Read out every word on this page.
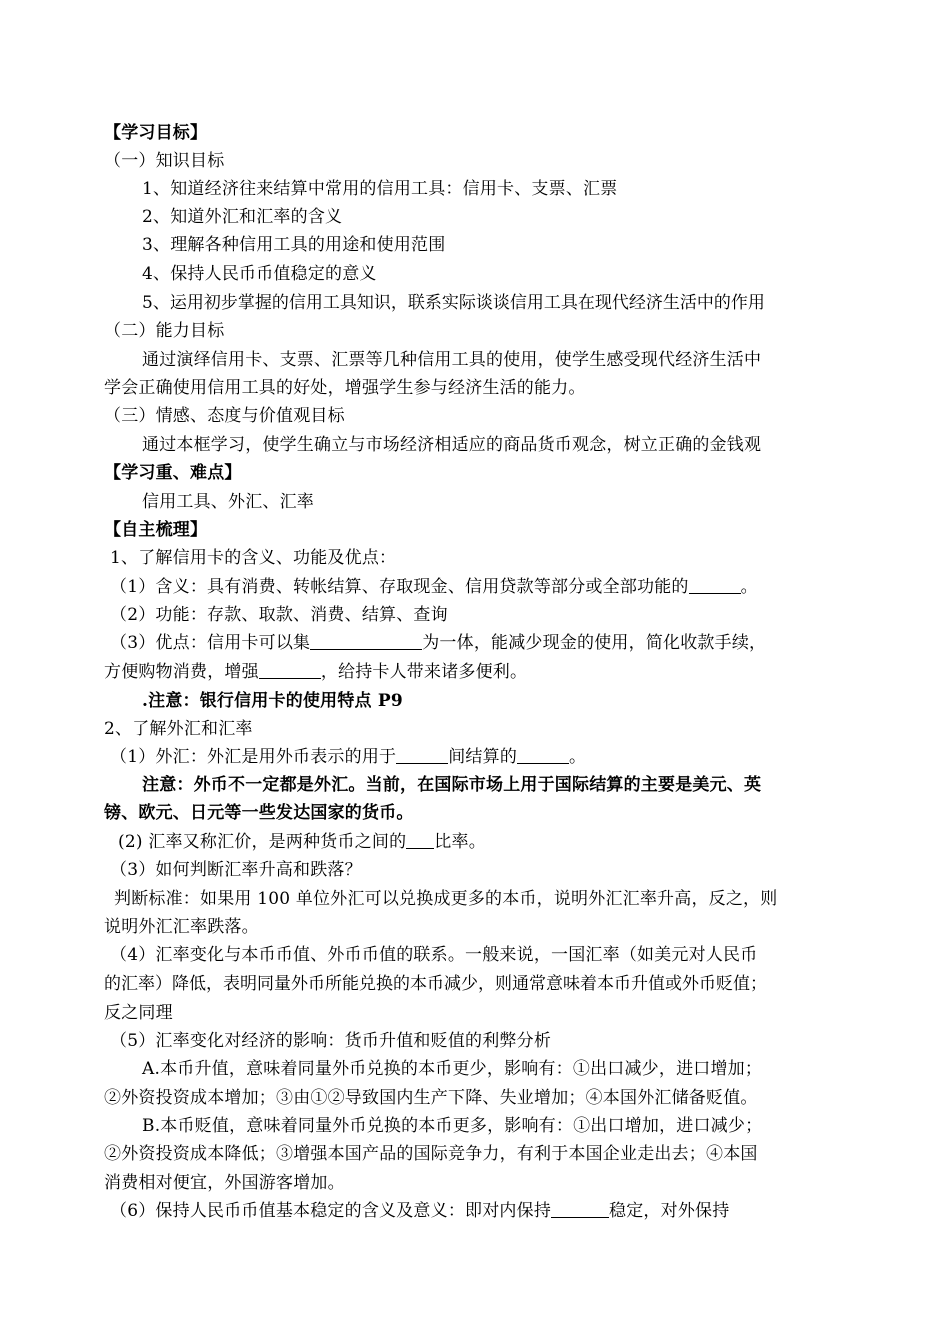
【学习目标】
（一）知识目标
1、知道经济往来结算中常用的信用工具：信用卡、支票、汇票
2、知道外汇和汇率的含义
3、理解各种信用工具的用途和使用范围
4、保持人民币币值稳定的意义
5、运用初步掌握的信用工具知识，联系实际谈谈信用工具在现代经济生活中的作用
（二）能力目标
通过演绎信用卡、支票、汇票等几种信用工具的使用，使学生感受现代经济生活中
学会正确使用信用工具的好处，增强学生参与经济生活的能力。
（三）情感、态度与价值观目标
通过本框学习，使学生确立与市场经济相适应的商品货币观念，树立正确的金钱观
【学习重、难点】
信用工具、外汇、汇率
【自主梳理】
1、了解信用卡的含义、功能及优点：
（1）含义：具有消费、转帐结算、存取现金、信用贷款等部分或全部功能的	。
（2）功能：存款、取款、消费、结算、查询
（3）优点：信用卡可以集	为一体，能减少现金的使用，简化收款手续，
方便购物消费，增强	，给持卡人带来诸多便利。
.注意：银行信用卡的使用特点 P9
2、了解外汇和汇率
（1）外汇：外汇是用外币表示的用于	间结算的	。
注意：外币不一定都是外汇。当前，在国际市场上用于国际结算的主要是美元、英
镑、欧元、日元等一些发达国家的货币。
(2) 汇率又称汇价，是两种货币之间的 比率。
（3）如何判断汇率升高和跌落？
判断标准：如果用 100 单位外汇可以兑换成更多的本币，说明外汇汇率升高，反之，则
说明外汇汇率跌落。
（4）汇率变化与本币币值、外币币值的联系。一般来说，一国汇率（如美元对人民币
的汇率）降低，表明同量外币所能兑换的本币减少，则通常意味着本币升值或外币贬值；
反之同理
（5）汇率变化对经济的影响：货币升值和贬值的利弊分析
A.本币升值，意味着同量外币兑换的本币更少，影响有：①出口减少，进口增加；
②外资投资成本增加；③由①②导致国内生产下降、失业增加；④本国外汇储备贬值。
B.本币贬值，意味着同量外币兑换的本币更多，影响有：①出口增加，进口减少；
②外资投资成本降低；③增强本国产品的国际竞争力，有利于本国企业走出去；④本国
消费相对便宜，外国游客增加。
（6）保持人民币币值基本稳定的含义及意义：即对内保持	稳定，对外保持
